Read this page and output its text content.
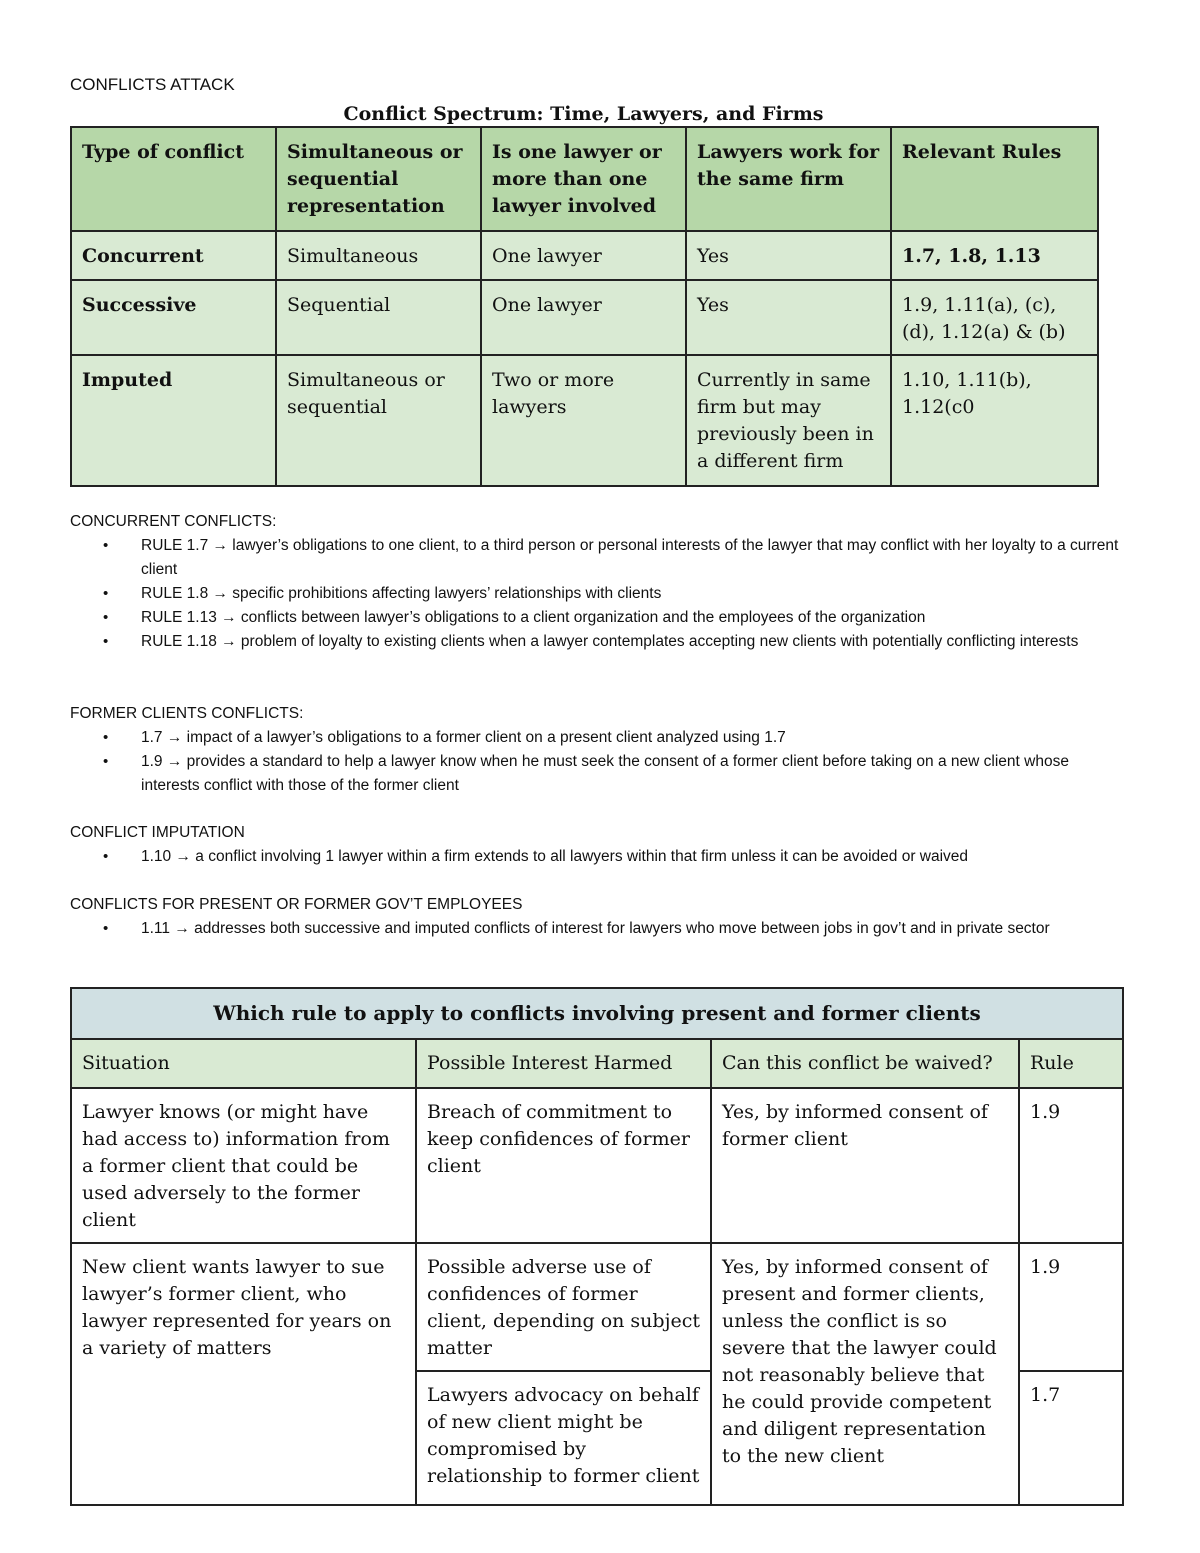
CONFLICTS ATTACK
Conflict Spectrum: Time, Lawyers, and Firms
Type of conflict	Simultaneous or sequential representation	Is one lawyer or more than one lawyer involved	Lawyers work for the same firm	Relevant Rules
Concurrent	Simultaneous	One lawyer	Yes	1.7, 1.8, 1.13
Successive	Sequential	One lawyer	Yes	1.9, 1.11(a), (c), (d), 1.12(a) & (b)
Imputed	Simultaneous or sequential	Two or more lawyers	Currently in same firm but may previously been in a different firm	1.10, 1.11(b), 1.12(c0
CONCURRENT CONFLICTS:
• RULE 1.7 → lawyer’s obligations to one client, to a third person or personal interests of the lawyer that may conflict with her loyalty to a current client
• RULE 1.8 → specific prohibitions affecting lawyers’ relationships with clients
• RULE 1.13 → conflicts between lawyer’s obligations to a client organization and the employees of the organization
• RULE 1.18 → problem of loyalty to existing clients when a lawyer contemplates accepting new clients with potentially conflicting interests
FORMER CLIENTS CONFLICTS:
• 1.7 → impact of a lawyer’s obligations to a former client on a present client analyzed using 1.7
• 1.9 → provides a standard to help a lawyer know when he must seek the consent of a former client before taking on a new client whose interests conflict with those of the former client
CONFLICT IMPUTATION
• 1.10 → a conflict involving 1 lawyer within a firm extends to all lawyers within that firm unless it can be avoided or waived
CONFLICTS FOR PRESENT OR FORMER GOV’T EMPLOYEES
• 1.11 → addresses both successive and imputed conflicts of interest for lawyers who move between jobs in gov’t and in private sector
Which rule to apply to conflicts involving present and former clients			
Situation	Possible Interest Harmed	Can this conflict be waived?	Rule
Lawyer knows (or might have had access to) information from a former client that could be used adversely to the former client	Breach of commitment to keep confidences of former client	Yes, by informed consent of former client	1.9
New client wants lawyer to sue lawyer’s former client, who lawyer represented for years on a variety of matters	Possible adverse use of confidences of former client, depending on subject matter	Yes, by informed consent of present and former clients, unless the conflict is so severe that the lawyer could not reasonably believe that he could provide competent and diligent representation to the new client	1.9
	Lawyers advocacy on behalf of new client might be compromised by relationship to former client		1.7
